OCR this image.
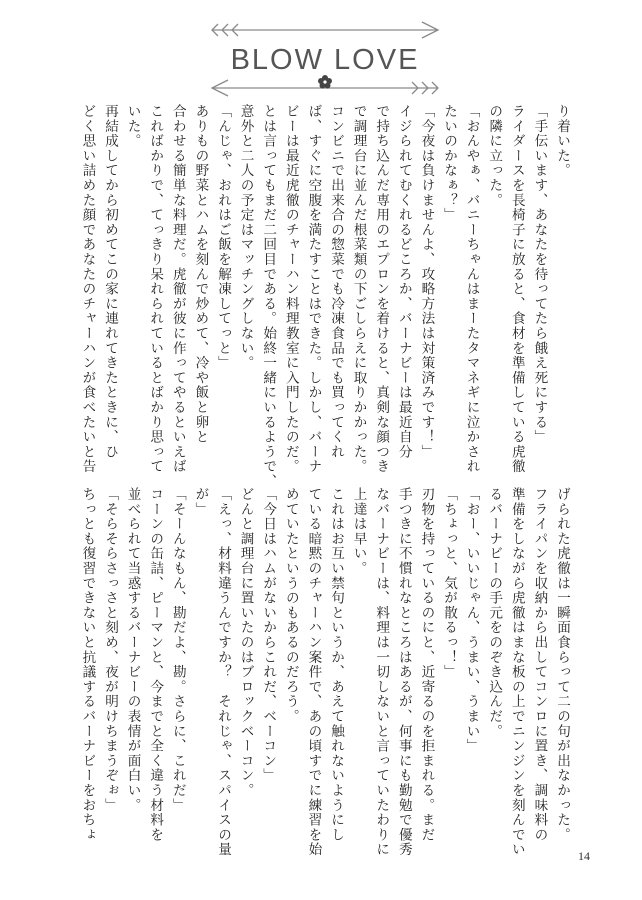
BLOW LOVE
り着いた。
「手伝います、あなたを待ってたら餓え死にする」
ライダースを長椅子に放ると、食材を準備している虎徹
の隣に立った。
「おんやぁ、バニーちゃんはまーたタマネギに泣かされ
たいのかなぁ？」
「今夜は負けませんよ、攻略方法は対策済みです！」
イジられてむくれるどころか、バーナビーは最近自分
で持ち込んだ専用のエプロンを着けると、真剣な顔つき
で調理台に並んだ根菜類の下ごしらえに取りかかった。
コンビニで出来合の惣菜でも冷凍食品でも買ってくれ
ば、すぐに空腹を満たすことはできた。しかし、バーナ
ビーは最近虎徹のチャーハン料理教室に入門したのだ。
とは言ってもまだ二回目である。始終一緒にいるようで、
意外と二人の予定はマッチングしない。
「んじゃ、おれはご飯を解凍してっと」
ありもの野菜とハムを刻んで炒めて、冷や飯と卵と
合わせる簡単な料理だ。虎徹が彼に作ってやるといえば
こればかりで、てっきり呆れられているとばかり思って
いた。
再結成してから初めてこの家に連れてきたときに、ひ
どく思い詰めた顔であなたのチャーハンが食べたいと告
げられた虎徹は一瞬面食らって二の句が出なかった。
フライパンを収納から出してコンロに置き、調味料の
準備をしながら虎徹はまな板の上でニンジンを刻んでい
るバーナビーの手元をのぞき込んだ。
「おー、いいじゃん、うまい、うまい」
「ちょっと、気が散るっ！」
刃物を持っているのにと、近寄るのを拒まれる。まだ
手つきに不慣れなところはあるが、何事にも勤勉で優秀
なバーナビーは、料理は一切しないと言っていたわりに
上達は早い。
これはお互い禁句というか、あえて触れないようにし
ている暗黙のチャーハン案件で、あの頃すでに練習を始
めていたというのもあるのだろう。
「今日はハムがないからこれだ、ベーコン」
どんと調理台に置いたのはブロックベーコン。
「えっ、材料違うんですか？　それじゃ、スパイスの量
が」
「そーんなもん、勘だよ、勘。さらに、これだ」
コーンの缶詰、ピーマンと、今までと全く違う材料を
並べられて当惑するバーナビーの表情が面白い。
「そらそらさっさと刻め、夜が明けちまうぞぉ」
ちっとも復習できないと抗議するバーナビーをおちょ
14
